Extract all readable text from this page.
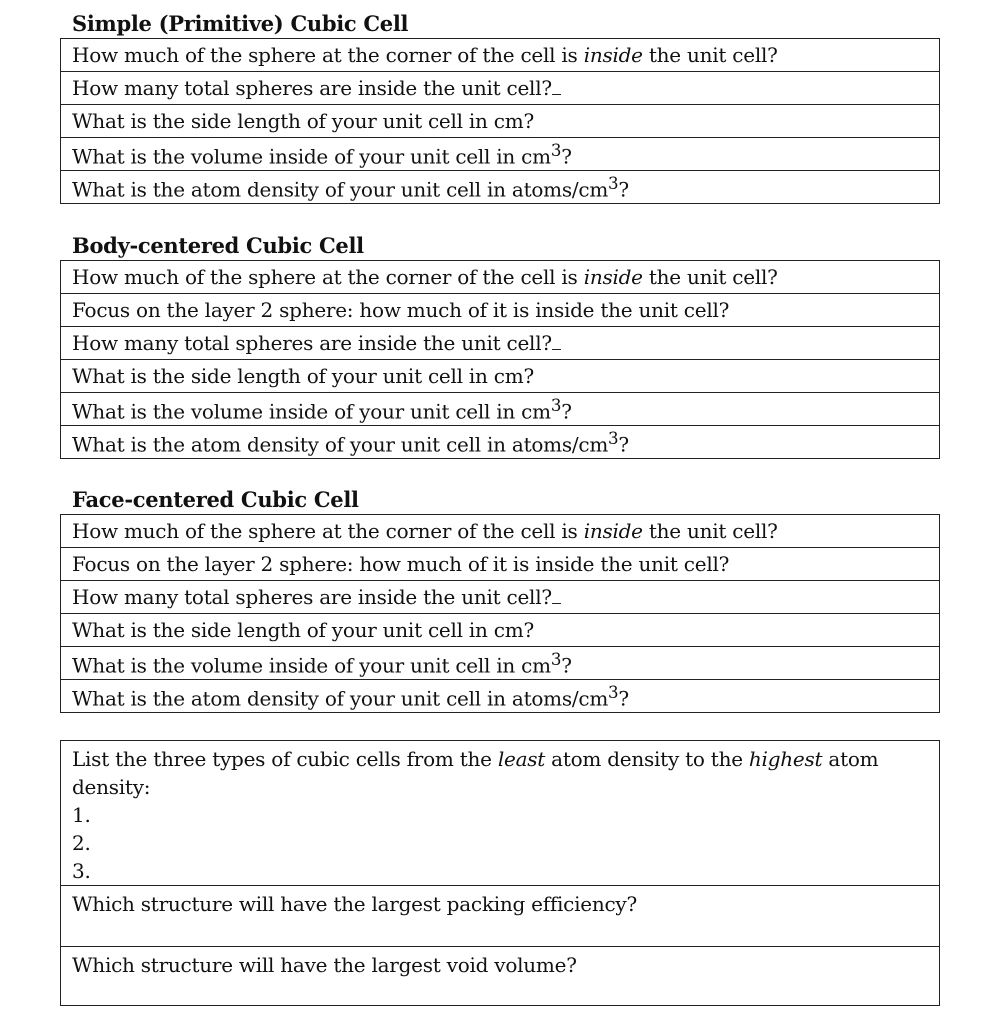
Simple (Primitive) Cubic Cell
How much of the sphere at the corner of the cell is inside the unit cell?
How many total spheres are inside the unit cell?
What is the side length of your unit cell in cm?
What is the volume inside of your unit cell in $cm^3$?
What is the atom density of your unit cell in atoms/$cm^3$?
Body-centered Cubic Cell
How much of the sphere at the corner of the cell is inside the unit cell?
Focus on the layer 2 sphere: how much of it is inside the unit cell?
How many total spheres are inside the unit cell?
What is the side length of your unit cell in cm?
What is the volume inside of your unit cell in $cm^3$?
What is the atom density of your unit cell in atoms/$cm^3$?
Face-centered Cubic Cell
How much of the sphere at the corner of the cell is inside the unit cell?
Focus on the layer 2 sphere: how much of it is inside the unit cell?
How many total spheres are inside the unit cell?
What is the side length of your unit cell in cm?
What is the volume inside of your unit cell in $cm^3$?
What is the atom density of your unit cell in atoms/$cm^3$?
List the three types of cubic cells from the least atom density to the highest atom density:
1.
2.
3.
Which structure will have the largest packing efficiency?
Which structure will have the largest void volume?
